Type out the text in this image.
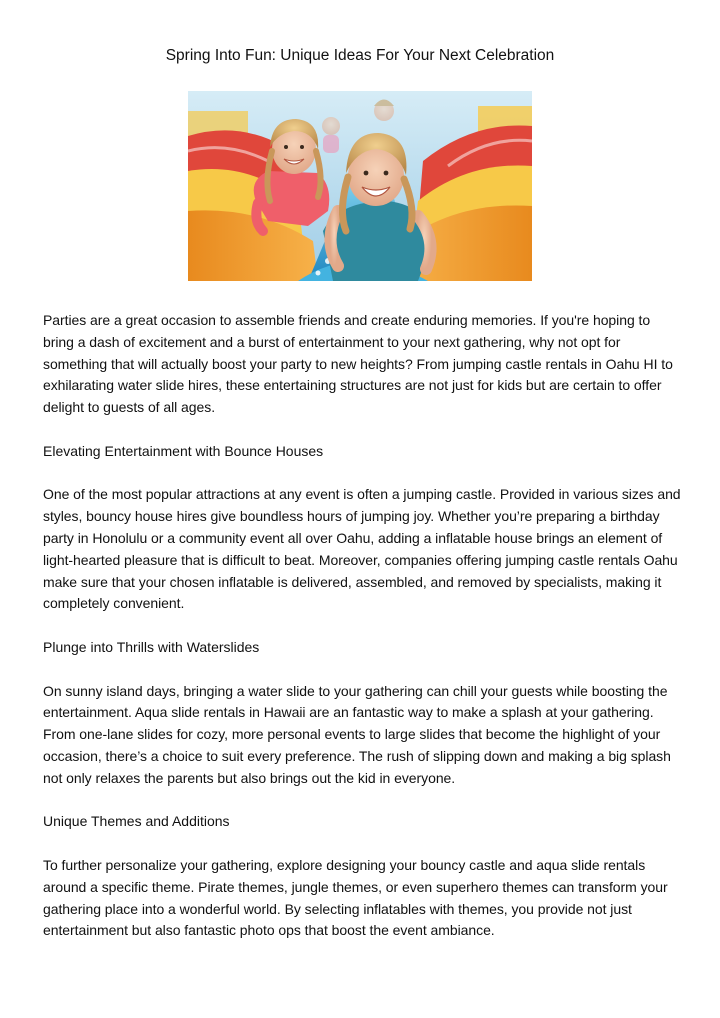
Spring Into Fun: Unique Ideas For Your Next Celebration

Parties are a great occasion to assemble friends and create enduring memories. If you're hoping to bring a dash of excitement and a burst of entertainment to your next gathering, why not opt for something that will actually boost your party to new heights? From jumping castle rentals in Oahu HI to exhilarating water slide hires, these entertaining structures are not just for kids but are certain to offer delight to guests of all ages.

Elevating Entertainment with Bounce Houses

One of the most popular attractions at any event is often a jumping castle. Provided in various sizes and styles, bouncy house hires give boundless hours of jumping joy. Whether you’re preparing a birthday party in Honolulu or a community event all over Oahu, adding a inflatable house brings an element of light-hearted pleasure that is difficult to beat. Moreover, companies offering jumping castle rentals Oahu make sure that your chosen inflatable is delivered, assembled, and removed by specialists, making it completely convenient.

Plunge into Thrills with Waterslides

On sunny island days, bringing a water slide to your gathering can chill your guests while boosting the entertainment. Aqua slide rentals in Hawaii are an fantastic way to make a splash at your gathering. From one-lane slides for cozy, more personal events to large slides that become the highlight of your occasion, there’s a choice to suit every preference. The rush of slipping down and making a big splash not only relaxes the parents but also brings out the kid in everyone.

Unique Themes and Additions

To further personalize your gathering, explore designing your bouncy castle and aqua slide rentals around a specific theme. Pirate themes, jungle themes, or even superhero themes can transform your gathering place into a wonderful world. By selecting inflatables with themes, you provide not just entertainment but also fantastic photo ops that boost the event ambiance.
